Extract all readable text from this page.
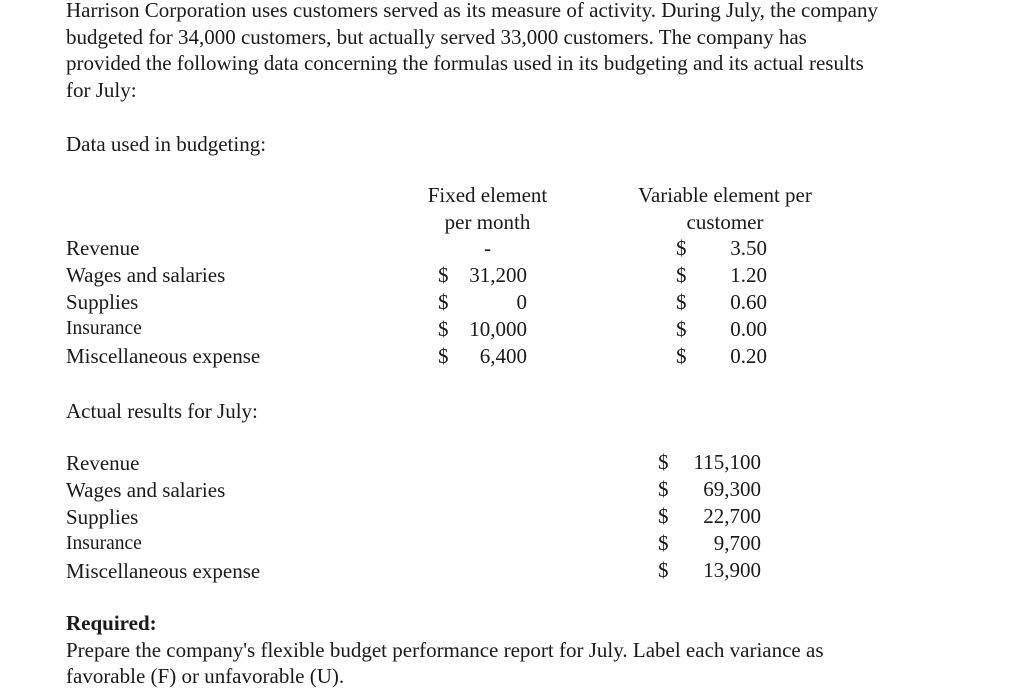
Harrison Corporation uses customers served as its measure of activity. During July, the company
budgeted for 34,000 customers, but actually served 33,000 customers. The company has
provided the following data concerning the formulas used in its budgeting and its actual results
for July:

Data used in budgeting:
Fixed element
per month
Variable element per
customer
Revenue	-	$	3.50
Wages and salaries	$ 31,200	$	1.20
Supplies	$	0	$	0.60
Insurance	$ 10,000	$	0.00
Miscellaneous expense	$	6,400	$	0.20
Actual results for July:
Revenue	$	115,100
Wages and salaries	$	69,300
Supplies	$	22,700
Insurance	$	9,700
Miscellaneous expense	$	13,900
Required:
Prepare the company's flexible budget performance report for July. Label each variance as
favorable (F) or unfavorable (U).
